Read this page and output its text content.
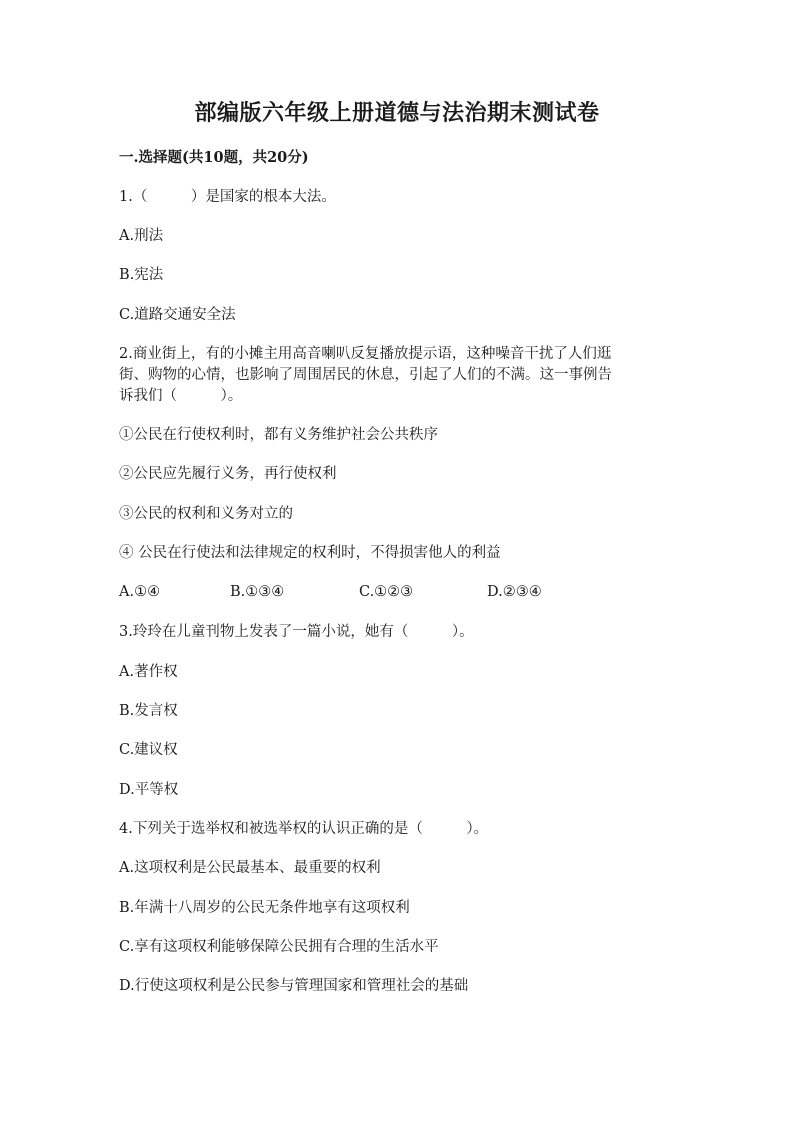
部编版六年级上册道德与法治期末测试卷
一.选择题(共10题，共20分)
1.（　　　）是国家的根本大法。
A.刑法
B.宪法
C.道路交通安全法
2.商业街上，有的小摊主用高音喇叭反复播放提示语，这种噪音干扰了人们逛
街、购物的心情，也影响了周围居民的休息，引起了人们的不满。这一事例告
诉我们（　　　）。
①公民在行使权利时，都有义务维护社会公共秩序
②公民应先履行义务，再行使权利
③公民的权利和义务对立的
④ 公民在行使法和法律规定的权利时，不得损害他人的利益
A.①④	B.①③④	C.①②③	D.②③④
3.玲玲在儿童刊物上发表了一篇小说，她有（　　　）。
A.著作权
B.发言权
C.建议权
D.平等权
4.下列关于选举权和被选举权的认识正确的是（　　　）。
A.这项权利是公民最基本、最重要的权利
B.年满十八周岁的公民无条件地享有这项权利
C.享有这项权利能够保障公民拥有合理的生活水平
D.行使这项权利是公民参与管理国家和管理社会的基础
